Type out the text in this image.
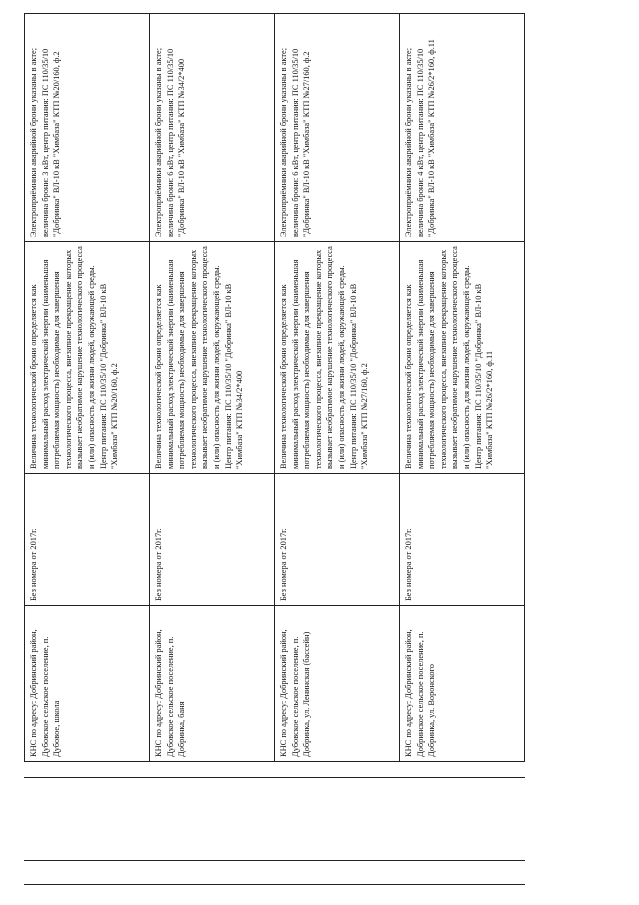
КНС по адресу: Добринский район, Дубовское сельское поселение, п. Дубовое, школа	Без номера от 2017г.	Величина технологической брони определяется как минимальный расход электрической энергии (наименьшая потребляемая мощность) необходимые для завершения технологического процесса, внезапное прекращение которых вызывает необратимое нарушение технологического процесса и (или) опасность для жизни людей, окружающей среды. Центр питания: ПС 110/35/10 "Добринка" ВЛ-10 кВ "Химбаза" КТП №20/160, ф.2	Электроприёмники аварийной брони указаны в акте; величина брони: 3 кВт, центр питания: ПС 110/35/10 "Добринка" ВЛ-10 кВ "Химбаза" КТП №20/160, ф.2
КНС по адресу: Добринский район, Дубовское сельское поселение, п. Добринка, баня	Без номера от 2017г.	Величина технологической брони определяется как минимальный расход электрической энергии (наименьшая потребляемая мощность) необходимые для завершения технологического процесса, внезапное прекращение которых вызывает необратимое нарушение технологического процесса и (или) опасность для жизни людей, окружающей среды. Центр питания: ПС 110/35/10 "Добринка" ВЛ-10 кВ "Химбаза" КТП №34/2*400	Электроприёмники аварийной брони указаны в акте; величина брони: 6 кВт, центр питания: ПС 110/35/10 "Добринка" ВЛ-10 кВ "Химбаза" КТП №34/2*400
КНС по адресу: Добринский район, Дубовское сельское поселение, п. Добринка, ул. Ленинская (бассейн)	Без номера от 2017г.	Величина технологической брони определяется как минимальный расход электрической энергии (наименьшая потребляемая мощность) необходимые для завершения технологического процесса, внезапное прекращение которых вызывает необратимое нарушение технологического процесса и (или) опасность для жизни людей, окружающей среды. Центр питания: ПС 110/35/10 "Добринка" ВЛ-10 кВ "Химбаза" КТП №27/160, ф.2	Электроприёмники аварийной брони указаны в акте; величина брони: 6 кВт, центр питания: ПС 110/35/10 "Добринка" ВЛ-10 кВ "Химбаза" КТП №27/160, ф.2
КНС по адресу: Добринский район, Добринское сельское поселение, п. Добринка, ул. Воронского	Без номера от 2017г.	Величина технологической брони определяется как минимальный расход электрической энергии (наименьшая потребляемая мощность) необходимые для завершения технологического процесса, внезапное прекращение которых вызывает необратимое нарушение технологического процесса и (или) опасность для жизни людей, окружающей среды. Центр питания: ПС 110/35/10 "Добринка" ВЛ-10 кВ "Химбаза" КТП №26/2*160, ф.11	Электроприёмники аварийной брони указаны в акте; величина брони: 4 кВт, центр питания: ПС 110/35/10 "Добринка" ВЛ-10 кВ "Химбаза" КТП №26/2*160, ф.11
